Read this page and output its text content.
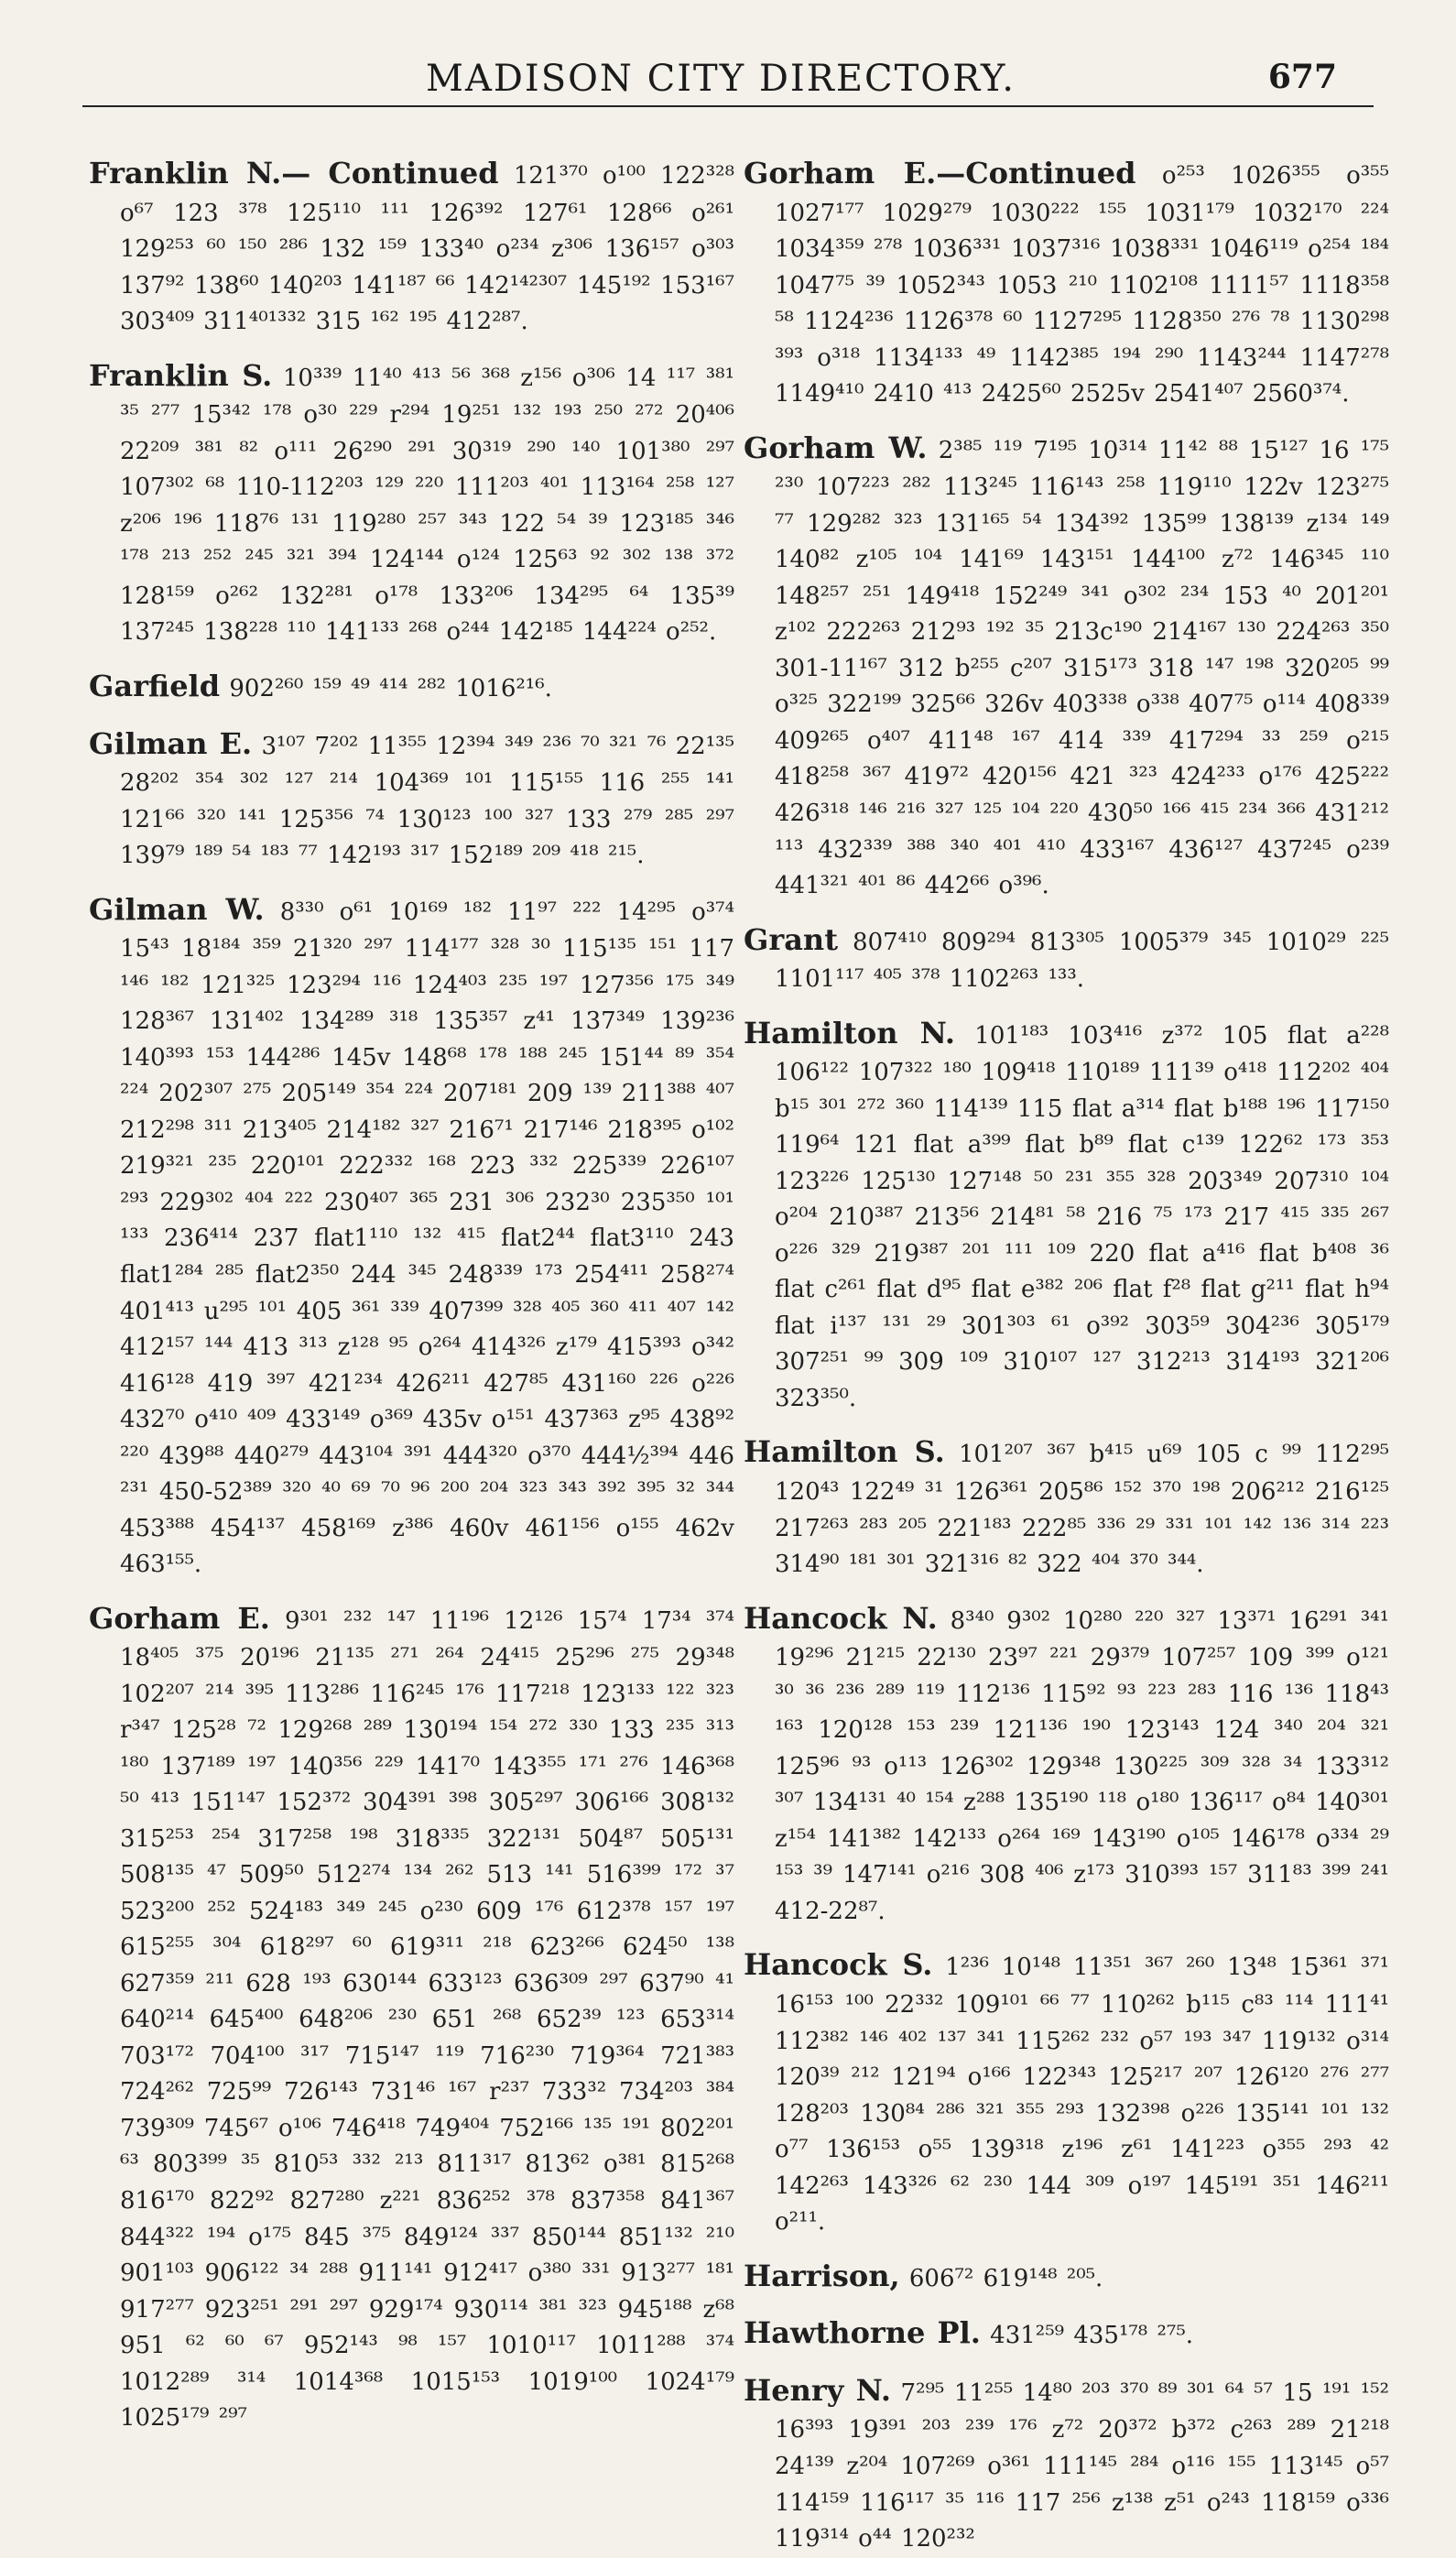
MADISON CITY DIRECTORY.	677
Franklin N.— Continued 121³⁷⁰ o¹⁰⁰ 122³²⁸ o⁶⁷ 123 ³⁷⁸ 125¹¹⁰ ¹¹¹ 126³⁹² 127⁶¹ 128⁶⁶ o²⁶¹ 129²⁵³ ⁶⁰ ¹⁵⁰ ²⁸⁶ 132 ¹⁵⁹ 133⁴⁰ o²³⁴ z³⁰⁶ 136¹⁵⁷ o³⁰³ 137⁹² 138⁶⁰ 140²⁰³ 141¹⁸⁷ ⁶⁶ 142¹⁴²³⁰⁷ 145¹⁹² 153¹⁶⁷ 303⁴⁰⁹ 311⁴⁰¹³³² 315 ¹⁶² ¹⁹⁵ 412²⁸⁷.
Franklin S. 10³³⁹ 11⁴⁰ ⁴¹³ ⁵⁶ ³⁶⁸ z¹⁵⁶ o³⁰⁶ 14 ¹¹⁷ ³⁸¹ ³⁵ ²⁷⁷ 15³⁴² ¹⁷⁸ o³⁰ ²²⁹ r²⁹⁴ 19²⁵¹ ¹³² ¹⁹³ ²⁵⁰ ²⁷² 20⁴⁰⁶ 22²⁰⁹ ³⁸¹ ⁸² o¹¹¹ 26²⁹⁰ ²⁹¹ 30³¹⁹ ²⁹⁰ ¹⁴⁰ 101³⁸⁰ ²⁹⁷ 107³⁰² ⁶⁸ 110-112²⁰³ ¹²⁹ ²²⁰ 111²⁰³ ⁴⁰¹ 113¹⁶⁴ ²⁵⁸ ¹²⁷ z²⁰⁶ ¹⁹⁶ 118⁷⁶ ¹³¹ 119²⁸⁰ ²⁵⁷ ³⁴³ 122 ⁵⁴ ³⁹ 123¹⁸⁵ ³⁴⁶ ¹⁷⁸ ²¹³ ²⁵² ²⁴⁵ ³²¹ ³⁹⁴ 124¹⁴⁴ o¹²⁴ 125⁶³ ⁹² ³⁰² ¹³⁸ ³⁷² 128¹⁵⁹ o²⁶² 132²⁸¹ o¹⁷⁸ 133²⁰⁶ 134²⁹⁵ ⁶⁴ 135³⁹ 137²⁴⁵ 138²²⁸ ¹¹⁰ 141¹³³ ²⁶⁸ o²⁴⁴ 142¹⁸⁵ 144²²⁴ o²⁵².
Garfield 902²⁶⁰ ¹⁵⁹ ⁴⁹ ⁴¹⁴ ²⁸² 1016²¹⁶.
Gilman E. 3¹⁰⁷ 7²⁰² 11³⁵⁵ 12³⁹⁴ ³⁴⁹ ²³⁶ ⁷⁰ ³²¹ ⁷⁶ 22¹³⁵ 28²⁰² ³⁵⁴ ³⁰² ¹²⁷ ²¹⁴ 104³⁶⁹ ¹⁰¹ 115¹⁵⁵ 116 ²⁵⁵ ¹⁴¹ 121⁶⁶ ³²⁰ ¹⁴¹ 125³⁵⁶ ⁷⁴ 130¹²³ ¹⁰⁰ ³²⁷ 133 ²⁷⁹ ²⁸⁵ ²⁹⁷ 139⁷⁹ ¹⁸⁹ ⁵⁴ ¹⁸³ ⁷⁷ 142¹⁹³ ³¹⁷ 152¹⁸⁹ ²⁰⁹ ⁴¹⁸ ²¹⁵.
Gilman W. 8³³⁰ o⁶¹ 10¹⁶⁹ ¹⁸² 11⁹⁷ ²²² 14²⁹⁵ o³⁷⁴ 15⁴³ 18¹⁸⁴ ³⁵⁹ 21³²⁰ ²⁹⁷ 114¹⁷⁷ ³²⁸ ³⁰ 115¹³⁵ ¹⁵¹ 117 ¹⁴⁶ ¹⁸² 121³²⁵ 123²⁹⁴ ¹¹⁶ 124⁴⁰³ ²³⁵ ¹⁹⁷ 127³⁵⁶ ¹⁷⁵ ³⁴⁹ 128³⁶⁷ 131⁴⁰² 134²⁸⁹ ³¹⁸ 135³⁵⁷ z⁴¹ 137³⁴⁹ 139²³⁶ 140³⁹³ ¹⁵³ 144²⁸⁶ 145v 148⁶⁸ ¹⁷⁸ ¹⁸⁸ ²⁴⁵ 151⁴⁴ ⁸⁹ ³⁵⁴ ²²⁴ 202³⁰⁷ ²⁷⁵ 205¹⁴⁹ ³⁵⁴ ²²⁴ 207¹⁸¹ 209 ¹³⁹ 211³⁸⁸ ⁴⁰⁷ 212²⁹⁸ ³¹¹ 213⁴⁰⁵ 214¹⁸² ³²⁷ 216⁷¹ 217¹⁴⁶ 218³⁹⁵ o¹⁰² 219³²¹ ²³⁵ 220¹⁰¹ 222³³² ¹⁶⁸ 223 ³³² 225³³⁹ 226¹⁰⁷ ²⁹³ 229³⁰² ⁴⁰⁴ ²²² 230⁴⁰⁷ ³⁶⁵ 231 ³⁰⁶ 232³⁰ 235³⁵⁰ ¹⁰¹ ¹³³ 236⁴¹⁴ 237 flat1¹¹⁰ ¹³² ⁴¹⁵ flat2⁴⁴ flat3¹¹⁰ 243 flat1²⁸⁴ ²⁸⁵ flat2³⁵⁰ 244 ³⁴⁵ 248³³⁹ ¹⁷³ 254⁴¹¹ 258²⁷⁴ 401⁴¹³ u²⁹⁵ ¹⁰¹ 405 ³⁶¹ ³³⁹ 407³⁹⁹ ³²⁸ ⁴⁰⁵ ³⁶⁰ ⁴¹¹ ⁴⁰⁷ ¹⁴² 412¹⁵⁷ ¹⁴⁴ 413 ³¹³ z¹²⁸ ⁹⁵ o²⁶⁴ 414³²⁶ z¹⁷⁹ 415³⁹³ o³⁴² 416¹²⁸ 419 ³⁹⁷ 421²³⁴ 426²¹¹ 427⁸⁵ 431¹⁶⁰ ²²⁶ o²²⁶ 432⁷⁰ o⁴¹⁰ ⁴⁰⁹ 433¹⁴⁹ o³⁶⁹ 435v o¹⁵¹ 437³⁶³ z⁹⁵ 438⁹² ²²⁰ 439⁸⁸ 440²⁷⁹ 443¹⁰⁴ ³⁹¹ 444³²⁰ o³⁷⁰ 444½³⁹⁴ 446 ²³¹ 450-52³⁸⁹ ³²⁰ ⁴⁰ ⁶⁹ ⁷⁰ ⁹⁶ ²⁰⁰ ²⁰⁴ ³²³ ³⁴³ ³⁹² ³⁹⁵ ³² ³⁴⁴ 453³⁸⁸ 454¹³⁷ 458¹⁶⁹ z³⁸⁶ 460v 461¹⁵⁶ o¹⁵⁵ 462v 463¹⁵⁵.
Gorham E. 9³⁰¹ ²³² ¹⁴⁷ 11¹⁹⁶ 12¹²⁶ 15⁷⁴ 17³⁴ ³⁷⁴ 18⁴⁰⁵ ³⁷⁵ 20¹⁹⁶ 21¹³⁵ ²⁷¹ ²⁶⁴ 24⁴¹⁵ 25²⁹⁶ ²⁷⁵ 29³⁴⁸ 102²⁰⁷ ²¹⁴ ³⁹⁵ 113²⁸⁶ 116²⁴⁵ ¹⁷⁶ 117²¹⁸ 123¹³³ ¹²² ³²³ r³⁴⁷ 125²⁸ ⁷² 129²⁶⁸ ²⁸⁹ 130¹⁹⁴ ¹⁵⁴ ²⁷² ³³⁰ 133 ²³⁵ ³¹³ ¹⁸⁰ 137¹⁸⁹ ¹⁹⁷ 140³⁵⁶ ²²⁹ 141⁷⁰ 143³⁵⁵ ¹⁷¹ ²⁷⁶ 146³⁶⁸ ⁵⁰ ⁴¹³ 151¹⁴⁷ 152³⁷² 304³⁹¹ ³⁹⁸ 305²⁹⁷ 306¹⁶⁶ 308¹³² 315²⁵³ ²⁵⁴ 317²⁵⁸ ¹⁹⁸ 318³³⁵ 322¹³¹ 504⁸⁷ 505¹³¹ 508¹³⁵ ⁴⁷ 509⁵⁰ 512²⁷⁴ ¹³⁴ ²⁶² 513 ¹⁴¹ 516³⁹⁹ ¹⁷² ³⁷ 523²⁰⁰ ²⁵² 524¹⁸³ ³⁴⁹ ²⁴⁵ o²³⁰ 609 ¹⁷⁶ 612³⁷⁸ ¹⁵⁷ ¹⁹⁷ 615²⁵⁵ ³⁰⁴ 618²⁹⁷ ⁶⁰ 619³¹¹ ²¹⁸ 623²⁶⁶ 624⁵⁰ ¹³⁸ 627³⁵⁹ ²¹¹ 628 ¹⁹³ 630¹⁴⁴ 633¹²³ 636³⁰⁹ ²⁹⁷ 637⁹⁰ ⁴¹ 640²¹⁴ 645⁴⁰⁰ 648²⁰⁶ ²³⁰ 651 ²⁶⁸ 652³⁹ ¹²³ 653³¹⁴ 703¹⁷² 704¹⁰⁰ ³¹⁷ 715¹⁴⁷ ¹¹⁹ 716²³⁰ 719³⁶⁴ 721³⁸³ 724²⁶² 725⁹⁹ 726¹⁴³ 731⁴⁶ ¹⁶⁷ r²³⁷ 733³² 734²⁰³ ³⁸⁴ 739³⁰⁹ 745⁶⁷ o¹⁰⁶ 746⁴¹⁸ 749⁴⁰⁴ 752¹⁶⁶ ¹³⁵ ¹⁹¹ 802²⁰¹ ⁶³ 803³⁹⁹ ³⁵ 810⁵³ ³³² ²¹³ 811³¹⁷ 813⁶² o³⁸¹ 815²⁶⁸ 816¹⁷⁰ 822⁹² 827²⁸⁰ z²²¹ 836²⁵² ³⁷⁸ 837³⁵⁸ 841³⁶⁷ 844³²² ¹⁹⁴ o¹⁷⁵ 845 ³⁷⁵ 849¹²⁴ ³³⁷ 850¹⁴⁴ 851¹³² ²¹⁰ 901¹⁰³ 906¹²² ³⁴ ²⁸⁸ 911¹⁴¹ 912⁴¹⁷ o³⁸⁰ ³³¹ 913²⁷⁷ ¹⁸¹ 917²⁷⁷ 923²⁵¹ ²⁹¹ ²⁹⁷ 929¹⁷⁴ 930¹¹⁴ ³⁸¹ ³²³ 945¹⁸⁸ z⁶⁸ 951 ⁶² ⁶⁰ ⁶⁷ 952¹⁴³ ⁹⁸ ¹⁵⁷ 1010¹¹⁷ 1011²⁸⁸ ³⁷⁴ 1012²⁸⁹ ³¹⁴ 1014³⁶⁸ 1015¹⁵³ 1019¹⁰⁰ 1024¹⁷⁹ 1025¹⁷⁹ ²⁹⁷
Gorham E.—Continued o²⁵³ 1026³⁵⁵ o³⁵⁵ 1027¹⁷⁷ 1029²⁷⁹ 1030²²² ¹⁵⁵ 1031¹⁷⁹ 1032¹⁷⁰ ²²⁴ 1034³⁵⁹ ²⁷⁸ 1036³³¹ 1037³¹⁶ 1038³³¹ 1046¹¹⁹ o²⁵⁴ ¹⁸⁴ 1047⁷⁵ ³⁹ 1052³⁴³ 1053 ²¹⁰ 1102¹⁰⁸ 1111⁵⁷ 1118³⁵⁸ ⁵⁸ 1124²³⁶ 1126³⁷⁸ ⁶⁰ 1127²⁹⁵ 1128³⁵⁰ ²⁷⁶ ⁷⁸ 1130²⁹⁸ ³⁹³ o³¹⁸ 1134¹³³ ⁴⁹ 1142³⁸⁵ ¹⁹⁴ ²⁹⁰ 1143²⁴⁴ 1147²⁷⁸ 1149⁴¹⁰ 2410 ⁴¹³ 2425⁶⁰ 2525v 2541⁴⁰⁷ 2560³⁷⁴.
Gorham W. 2³⁸⁵ ¹¹⁹ 7¹⁹⁵ 10³¹⁴ 11⁴² ⁸⁸ 15¹²⁷ 16 ¹⁷⁵ ²³⁰ 107²²³ ²⁸² 113²⁴⁵ 116¹⁴³ ²⁵⁸ 119¹¹⁰ 122v 123²⁷⁵ ⁷⁷ 129²⁸² ³²³ 131¹⁶⁵ ⁵⁴ 134³⁹² 135⁹⁹ 138¹³⁹ z¹³⁴ ¹⁴⁹ 140⁸² z¹⁰⁵ ¹⁰⁴ 141⁶⁹ 143¹⁵¹ 144¹⁰⁰ z⁷² 146³⁴⁵ ¹¹⁰ 148²⁵⁷ ²⁵¹ 149⁴¹⁸ 152²⁴⁹ ³⁴¹ o³⁰² ²³⁴ 153 ⁴⁰ 201²⁰¹ z¹⁰² 222²⁶³ 212⁹³ ¹⁹² ³⁵ 213c¹⁹⁰ 214¹⁶⁷ ¹³⁰ 224²⁶³ ³⁵⁰ 301-11¹⁶⁷ 312 b²⁵⁵ c²⁰⁷ 315¹⁷³ 318 ¹⁴⁷ ¹⁹⁸ 320²⁰⁵ ⁹⁹ o³²⁵ 322¹⁹⁹ 325⁶⁶ 326v 403³³⁸ o³³⁸ 407⁷⁵ o¹¹⁴ 408³³⁹ 409²⁶⁵ o⁴⁰⁷ 411⁴⁸ ¹⁶⁷ 414 ³³⁹ 417²⁹⁴ ³³ ²⁵⁹ o²¹⁵ 418²⁵⁸ ³⁶⁷ 419⁷² 420¹⁵⁶ 421 ³²³ 424²³³ o¹⁷⁶ 425²²² 426³¹⁸ ¹⁴⁶ ²¹⁶ ³²⁷ ¹²⁵ ¹⁰⁴ ²²⁰ 430⁵⁰ ¹⁶⁶ ⁴¹⁵ ²³⁴ ³⁶⁶ 431²¹² ¹¹³ 432³³⁹ ³⁸⁸ ³⁴⁰ ⁴⁰¹ ⁴¹⁰ 433¹⁶⁷ 436¹²⁷ 437²⁴⁵ o²³⁹ 441³²¹ ⁴⁰¹ ⁸⁶ 442⁶⁶ o³⁹⁶.
Grant 807⁴¹⁰ 809²⁹⁴ 813³⁰⁵ 1005³⁷⁹ ³⁴⁵ 1010²⁹ ²²⁵ 1101¹¹⁷ ⁴⁰⁵ ³⁷⁸ 1102²⁶³ ¹³³.
Hamilton N. 101¹⁸³ 103⁴¹⁶ z³⁷² 105 flat a²²⁸ 106¹²² 107³²² ¹⁸⁰ 109⁴¹⁸ 110¹⁸⁹ 111³⁹ o⁴¹⁸ 112²⁰² ⁴⁰⁴ b¹⁵ ³⁰¹ ²⁷² ³⁶⁰ 114¹³⁹ 115 flat a³¹⁴ flat b¹⁸⁸ ¹⁹⁶ 117¹⁵⁰ 119⁶⁴ 121 flat a³⁹⁹ flat b⁸⁹ flat c¹³⁹ 122⁶² ¹⁷³ ³⁵³ 123²²⁶ 125¹³⁰ 127¹⁴⁸ ⁵⁰ ²³¹ ³⁵⁵ ³²⁸ 203³⁴⁹ 207³¹⁰ ¹⁰⁴ o²⁰⁴ 210³⁸⁷ 213⁵⁶ 214⁸¹ ⁵⁸ 216 ⁷⁵ ¹⁷³ 217 ⁴¹⁵ ³³⁵ ²⁶⁷ o²²⁶ ³²⁹ 219³⁸⁷ ²⁰¹ ¹¹¹ ¹⁰⁹ 220 flat a⁴¹⁶ flat b⁴⁰⁸ ³⁶ flat c²⁶¹ flat d⁹⁵ flat e³⁸² ²⁰⁶ flat f²⁸ flat g²¹¹ flat h⁹⁴ flat i¹³⁷ ¹³¹ ²⁹ 301³⁰³ ⁶¹ o³⁹² 303⁵⁹ 304²³⁶ 305¹⁷⁹ 307²⁵¹ ⁹⁹ 309 ¹⁰⁹ 310¹⁰⁷ ¹²⁷ 312²¹³ 314¹⁹³ 321²⁰⁶ 323³⁵⁰.
Hamilton S. 101²⁰⁷ ³⁶⁷ b⁴¹⁵ u⁶⁹ 105 c ⁹⁹ 112²⁹⁵ 120⁴³ 122⁴⁹ ³¹ 126³⁶¹ 205⁸⁶ ¹⁵² ³⁷⁰ ¹⁹⁸ 206²¹² 216¹²⁵ 217²⁶³ ²⁸³ ²⁰⁵ 221¹⁸³ 222⁸⁵ ³³⁶ ²⁹ ³³¹ ¹⁰¹ ¹⁴² ¹³⁶ ³¹⁴ ²²³ 314⁹⁰ ¹⁸¹ ³⁰¹ 321³¹⁶ ⁸² 322 ⁴⁰⁴ ³⁷⁰ ³⁴⁴.
Hancock N. 8³⁴⁰ 9³⁰² 10²⁸⁰ ²²⁰ ³²⁷ 13³⁷¹ 16²⁹¹ ³⁴¹ 19²⁹⁶ 21²¹⁵ 22¹³⁰ 23⁹⁷ ²²¹ 29³⁷⁹ 107²⁵⁷ 109 ³⁹⁹ o¹²¹ ³⁰ ³⁶ ²³⁶ ²⁸⁹ ¹¹⁹ 112¹³⁶ 115⁹² ⁹³ ²²³ ²⁸³ 116 ¹³⁶ 118⁴³ ¹⁶³ 120¹²⁸ ¹⁵³ ²³⁹ 121¹³⁶ ¹⁹⁰ 123¹⁴³ 124 ³⁴⁰ ²⁰⁴ ³²¹ 125⁹⁶ ⁹³ o¹¹³ 126³⁰² 129³⁴⁸ 130²²⁵ ³⁰⁹ ³²⁸ ³⁴ 133³¹² ³⁰⁷ 134¹³¹ ⁴⁰ ¹⁵⁴ z²⁸⁸ 135¹⁹⁰ ¹¹⁸ o¹⁸⁰ 136¹¹⁷ o⁸⁴ 140³⁰¹ z¹⁵⁴ 141³⁸² 142¹³³ o²⁶⁴ ¹⁶⁹ 143¹⁹⁰ o¹⁰⁵ 146¹⁷⁸ o³³⁴ ²⁹ ¹⁵³ ³⁹ 147¹⁴¹ o²¹⁶ 308 ⁴⁰⁶ z¹⁷³ 310³⁹³ ¹⁵⁷ 311⁸³ ³⁹⁹ ²⁴¹ 412-22⁸⁷.
Hancock S. 1²³⁶ 10¹⁴⁸ 11³⁵¹ ³⁶⁷ ²⁶⁰ 13⁴⁸ 15³⁶¹ ³⁷¹ 16¹⁵³ ¹⁰⁰ 22³³² 109¹⁰¹ ⁶⁶ ⁷⁷ 110²⁶² b¹¹⁵ c⁸³ ¹¹⁴ 111⁴¹ 112³⁸² ¹⁴⁶ ⁴⁰² ¹³⁷ ³⁴¹ 115²⁶² ²³² o⁵⁷ ¹⁹³ ³⁴⁷ 119¹³² o³¹⁴ 120³⁹ ²¹² 121⁹⁴ o¹⁶⁶ 122³⁴³ 125²¹⁷ ²⁰⁷ 126¹²⁰ ²⁷⁶ ²⁷⁷ 128²⁰³ 130⁸⁴ ²⁸⁶ ³²¹ ³⁵⁵ ²⁹³ 132³⁹⁸ o²²⁶ 135¹⁴¹ ¹⁰¹ ¹³² o⁷⁷ 136¹⁵³ o⁵⁵ 139³¹⁸ z¹⁹⁶ z⁶¹ 141²²³ o³⁵⁵ ²⁹³ ⁴² 142²⁶³ 143³²⁶ ⁶² ²³⁰ 144 ³⁰⁹ o¹⁹⁷ 145¹⁹¹ ³⁵¹ 146²¹¹ o²¹¹.
Harrison, 606⁷² 619¹⁴⁸ ²⁰⁵.
Hawthorne Pl. 431²⁵⁹ 435¹⁷⁸ ²⁷⁵.
Henry N. 7²⁹⁵ 11²⁵⁵ 14⁸⁰ ²⁰³ ³⁷⁰ ⁸⁹ ³⁰¹ ⁶⁴ ⁵⁷ 15 ¹⁹¹ ¹⁵² 16³⁹³ 19³⁹¹ ²⁰³ ²³⁹ ¹⁷⁶ z⁷² 20³⁷² b³⁷² c²⁶³ ²⁸⁹ 21²¹⁸ 24¹³⁹ z²⁰⁴ 107²⁶⁹ o³⁶¹ 111¹⁴⁵ ²⁸⁴ o¹¹⁶ ¹⁵⁵ 113¹⁴⁵ o⁵⁷ 114¹⁵⁹ 116¹¹⁷ ³⁵ ¹¹⁶ 117 ²⁵⁶ z¹³⁸ z⁵¹ o²⁴³ 118¹⁵⁹ o³³⁶ 119³¹⁴ o⁴⁴ 120²³²
